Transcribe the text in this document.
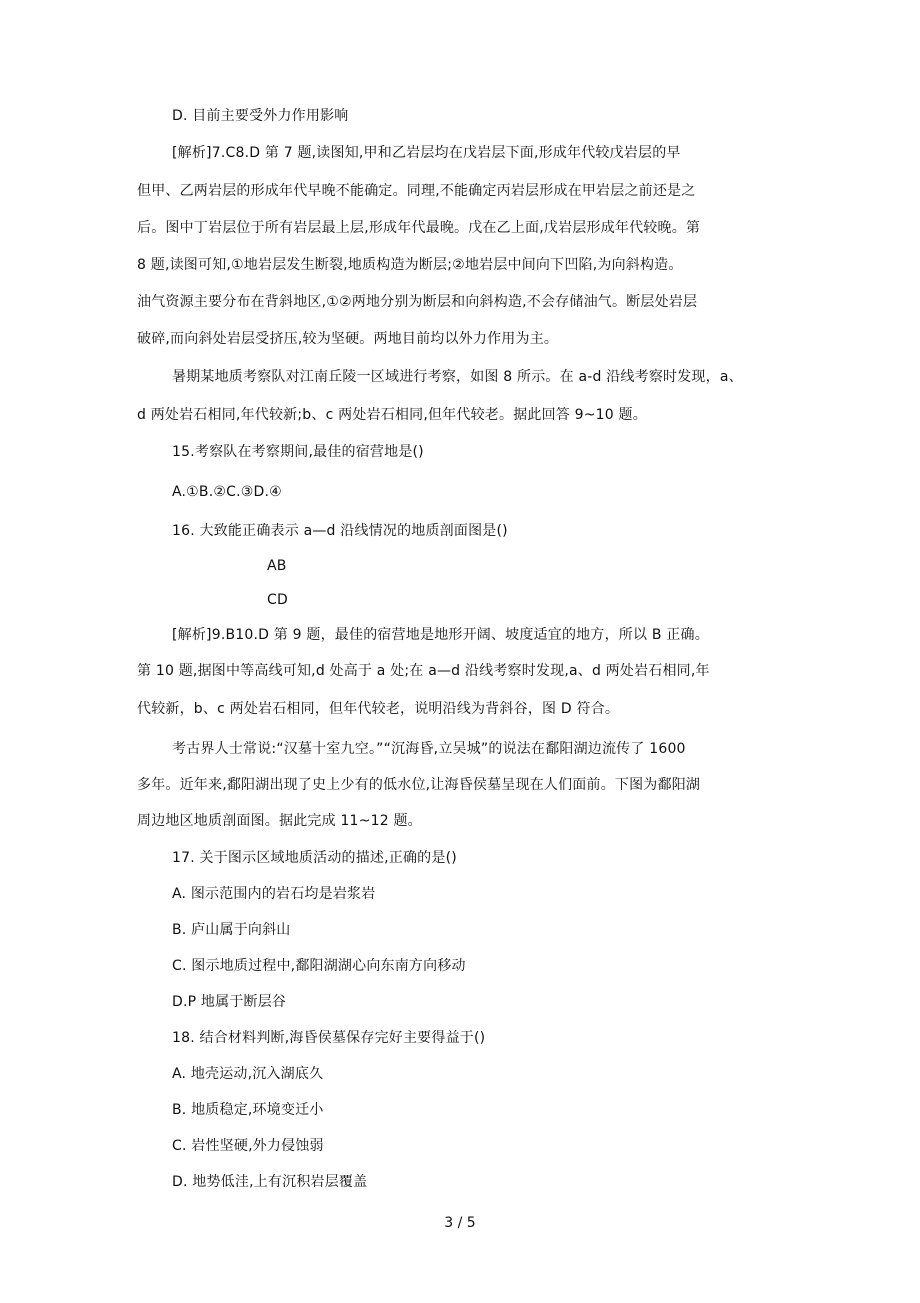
D. 目前主要受外力作用影响
[解析]7.C8.D 第 7 题,读图知,甲和乙岩层均在戊岩层下面,形成年代较戊岩层的早
但甲、乙两岩层的形成年代早晚不能确定。同理,不能确定丙岩层形成在甲岩层之前还是之
后。图中丁岩层位于所有岩层最上层,形成年代最晚。戊在乙上面,戊岩层形成年代较晚。第
8 题,读图可知,①地岩层发生断裂,地质构造为断层;②地岩层中间向下凹陷,为向斜构造。
油气资源主要分布在背斜地区,①②两地分别为断层和向斜构造,不会存储油气。断层处岩层
破碎,而向斜处岩层受挤压,较为坚硬。两地目前均以外力作用为主。
暑期某地质考察队对江南丘陵一区域进行考察，如图 8 所示。在 a-d 沿线考察时发现，a、
d 两处岩石相同,年代较新;b、c 两处岩石相同,但年代较老。据此回答 9~10 题。
15.考察队在考察期间,最佳的宿营地是()
A.①B.②C.③D.④
16. 大致能正确表示 a—d 沿线情况的地质剖面图是()
AB
CD
[解析]9.B10.D 第 9 题，最佳的宿营地是地形开阔、坡度适宜的地方，所以 B 正确。
第 10 题,据图中等高线可知,d 处高于 a 处;在 a—d 沿线考察时发现,a、d 两处岩石相同,年
代较新，b、c 两处岩石相同，但年代较老，说明沿线为背斜谷，图 D 符合。
考古界人士常说:“汉墓十室九空。”“沉海昏,立吴城”的说法在鄱阳湖边流传了 1600
多年。近年来,鄱阳湖出现了史上少有的低水位,让海昏侯墓呈现在人们面前。下图为鄱阳湖
周边地区地质剖面图。据此完成 11~12 题。
17. 关于图示区域地质活动的描述,正确的是()
A. 图示范围内的岩石均是岩浆岩
B. 庐山属于向斜山
C. 图示地质过程中,鄱阳湖湖心向东南方向移动
D.P 地属于断层谷
18. 结合材料判断,海昏侯墓保存完好主要得益于()
A. 地壳运动,沉入湖底久
B. 地质稳定,环境变迁小
C. 岩性坚硬,外力侵蚀弱
D. 地势低洼,上有沉积岩层覆盖
3 / 5
